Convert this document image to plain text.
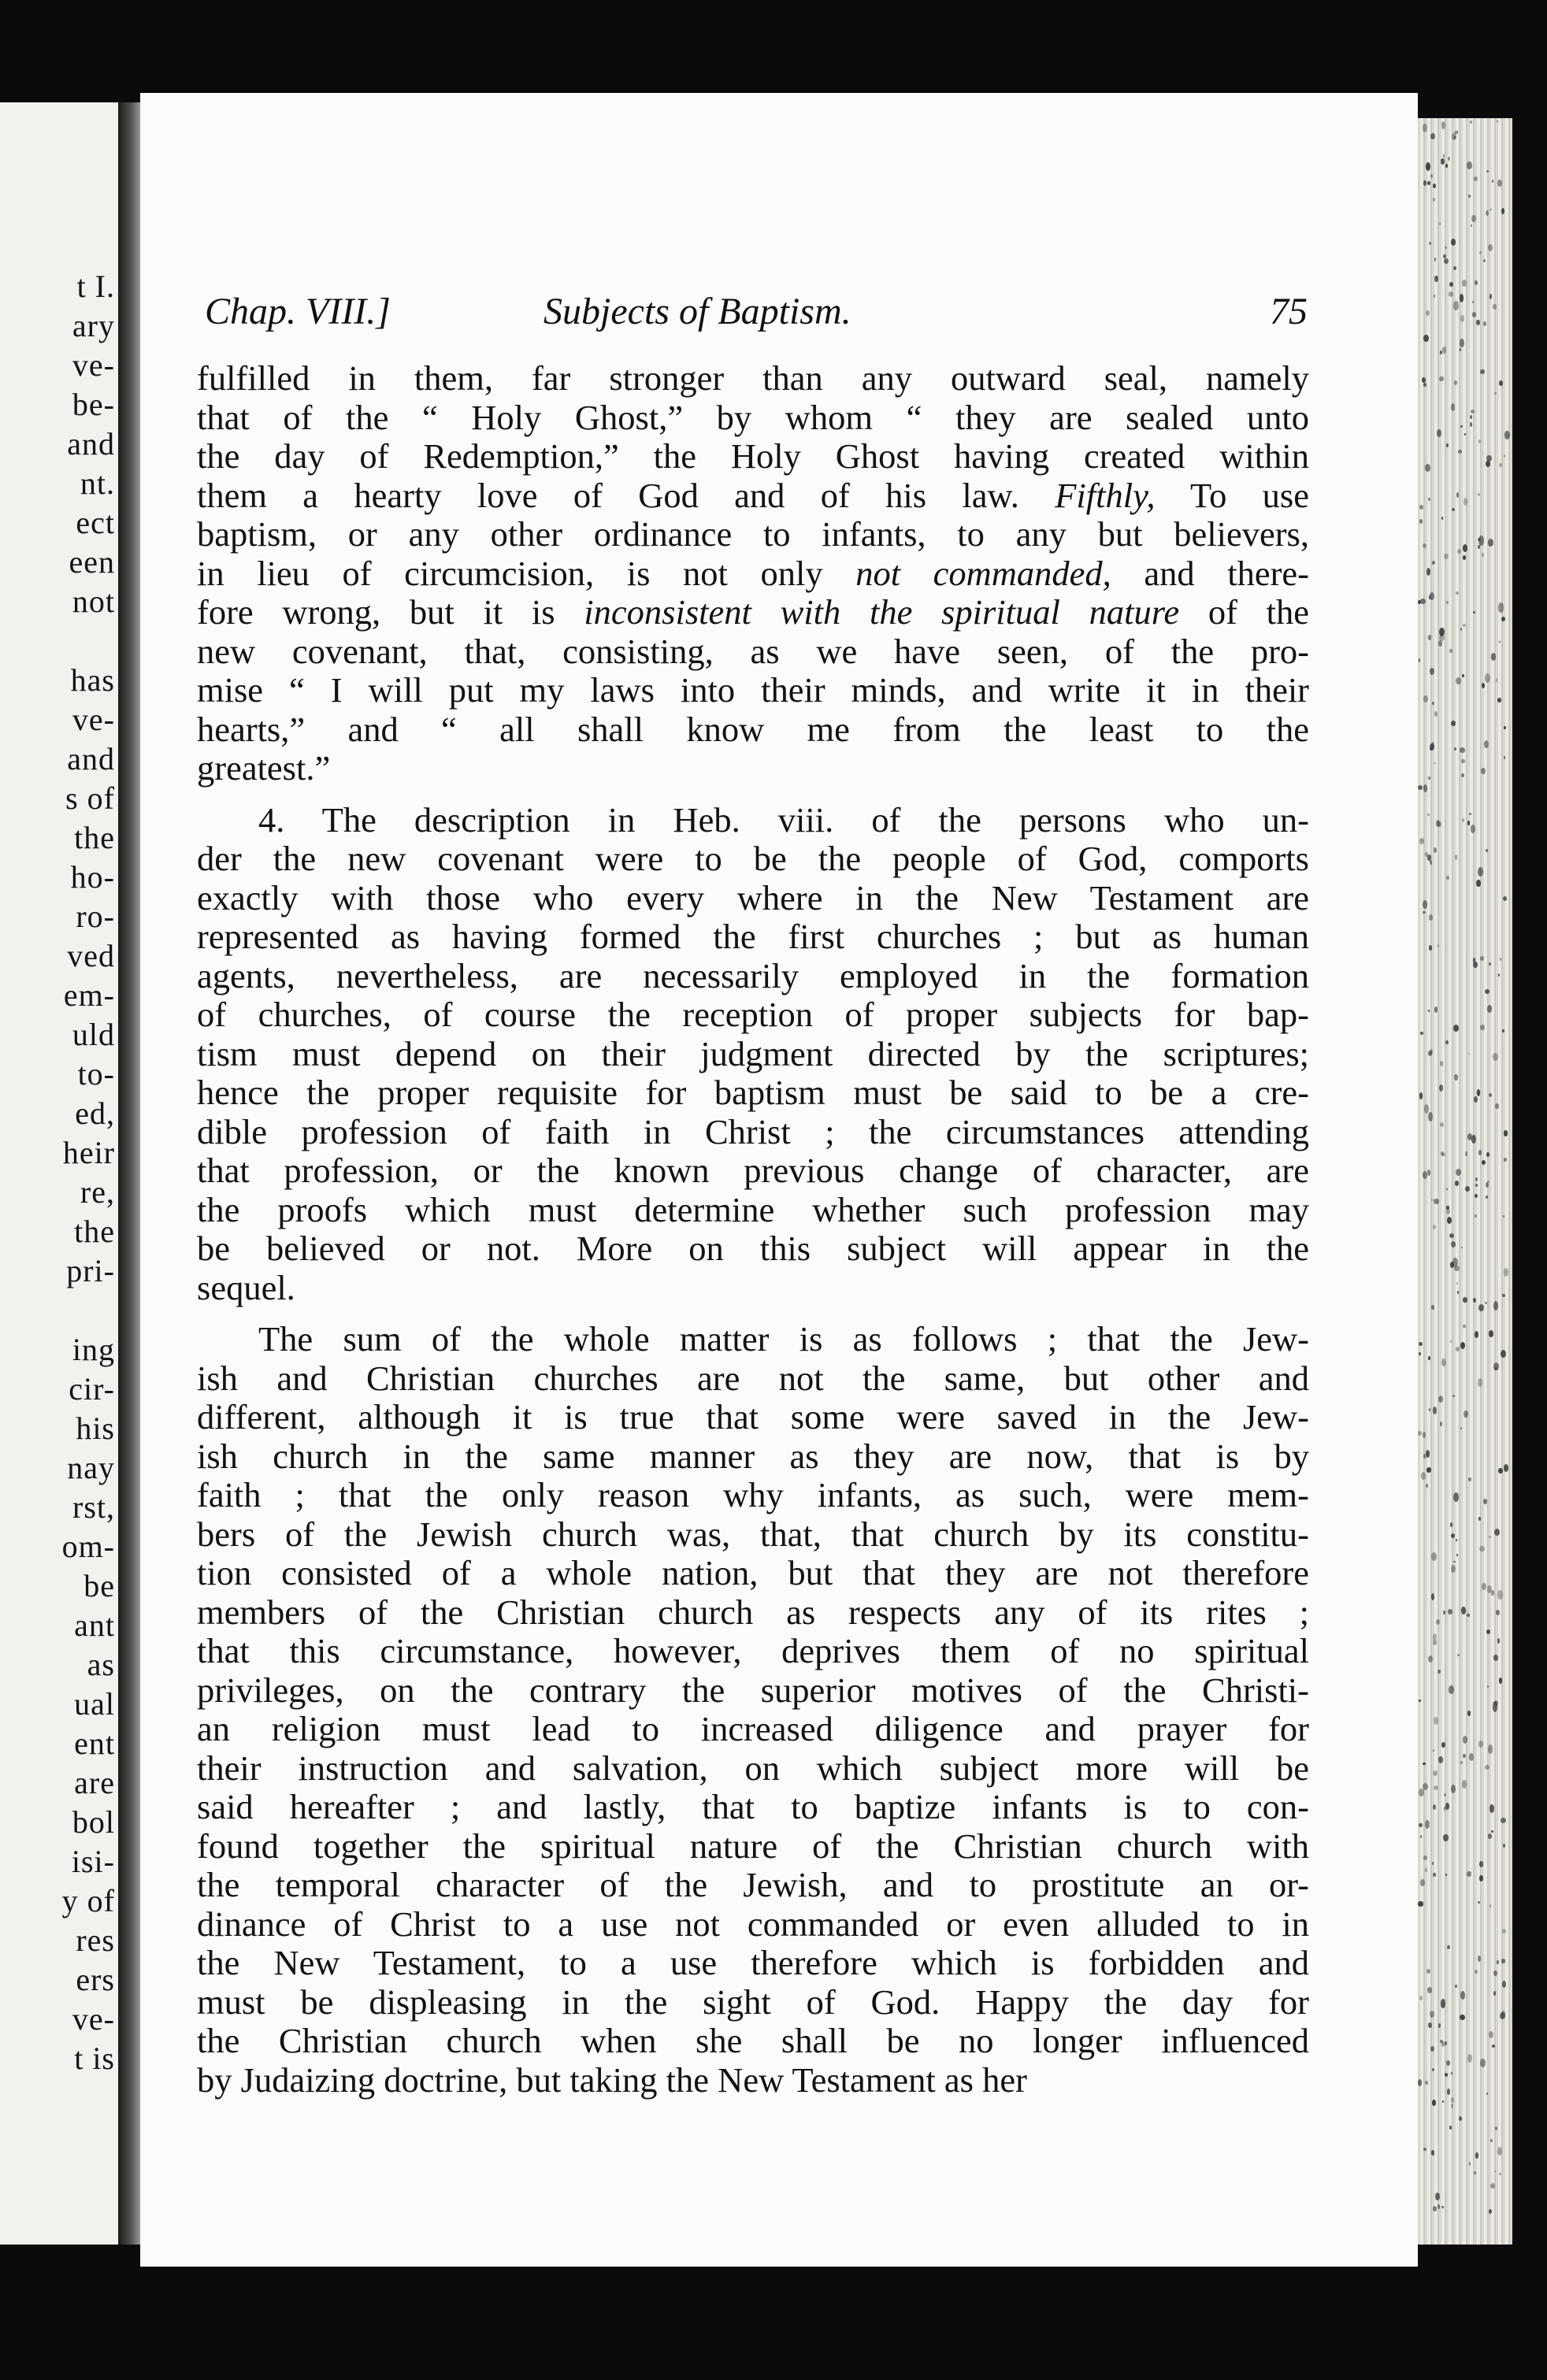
t I.
ary
ve-
be-
and
nt.
ect
een
not
has
ve-
and
s of
the
ho-
ro-
ved
em-
uld
to-
ed,
heir
re,
the
pri-
ing
cir-
his
nay
rst,
om-
be
ant
as
ual
ent
are
bol
isi-
y of
res
ers
ve-
t is
Chap. VIII.]	Subjects of Baptism.	75
fulfilled in them, far stronger than any outward seal, namely
that of the “ Holy Ghost,” by whom “ they are sealed unto
the day of Redemption,” the Holy Ghost having created within
them a hearty love of God and of his law. Fifthly, To use
baptism, or any other ordinance to infants, to any but believers,
in lieu of circumcision, is not only not commanded, and there-
fore wrong, but it is inconsistent with the spiritual nature of the
new covenant, that, consisting, as we have seen, of the pro-
mise “ I will put my laws into their minds, and write it in their
hearts,” and “ all shall know me from the least to the
greatest.”
4. The description in Heb. viii. of the persons who un-
der the new covenant were to be the people of God, comports
exactly with those who every where in the New Testament are
represented as having formed the first churches ; but as human
agents, nevertheless, are necessarily employed in the formation
of churches, of course the reception of proper subjects for bap-
tism must depend on their judgment directed by the scriptures;
hence the proper requisite for baptism must be said to be a cre-
dible profession of faith in Christ ; the circumstances attending
that profession, or the known previous change of character, are
the proofs which must determine whether such profession may
be believed or not. More on this subject will appear in the
sequel.
The sum of the whole matter is as follows ; that the Jew-
ish and Christian churches are not the same, but other and
different, although it is true that some were saved in the Jew-
ish church in the same manner as they are now, that is by
faith ; that the only reason why infants, as such, were mem-
bers of the Jewish church was, that, that church by its constitu-
tion consisted of a whole nation, but that they are not therefore
members of the Christian church as respects any of its rites ;
that this circumstance, however, deprives them of no spiritual
privileges, on the contrary the superior motives of the Christi-
an religion must lead to increased diligence and prayer for
their instruction and salvation, on which subject more will be
said hereafter ; and lastly, that to baptize infants is to con-
found together the spiritual nature of the Christian church with
the temporal character of the Jewish, and to prostitute an or-
dinance of Christ to a use not commanded or even alluded to in
the New Testament, to a use therefore which is forbidden and
must be displeasing in the sight of God. Happy the day for
the Christian church when she shall be no longer influenced
by Judaizing doctrine, but taking the New Testament as her
